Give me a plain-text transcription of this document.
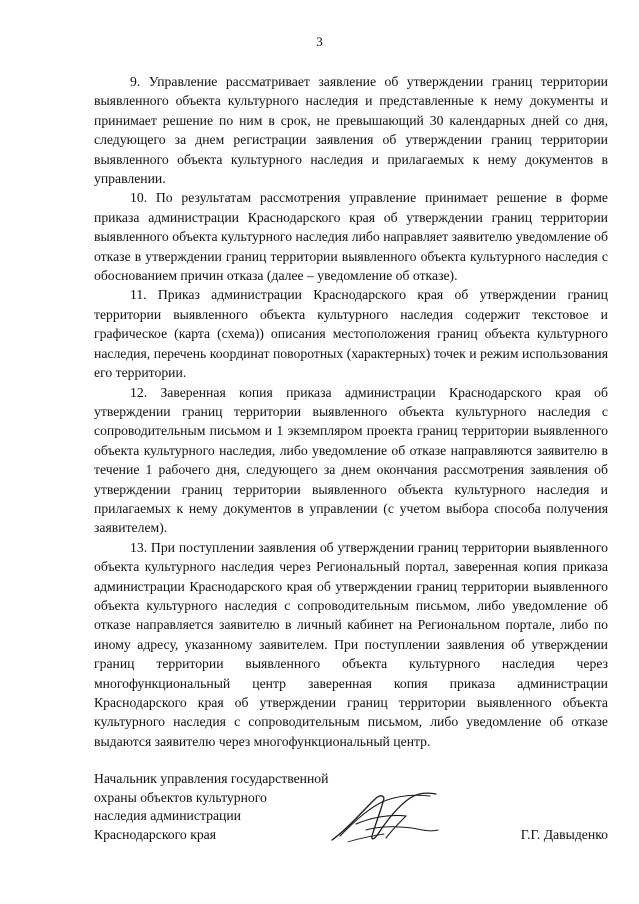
3

9. Управление рассматривает заявление об утверждении границ территории выявленного объекта культурного наследия и представленные к нему документы и принимает решение по ним в срок, не превышающий 30 календарных дней со дня, следующего за днем регистрации заявления об утверждении границ территории выявленного объекта культурного наследия и прилагаемых к нему документов в управлении.

10. По результатам рассмотрения управление принимает решение в форме приказа администрации Краснодарского края об утверждении границ территории выявленного объекта культурного наследия либо направляет заявителю уведомление об отказе в утверждении границ территории выявленного объекта культурного наследия с обоснованием причин отказа (далее – уведомление об отказе).

11. Приказ администрации Краснодарского края об утверждении границ территории выявленного объекта культурного наследия содержит текстовое и графическое (карта (схема)) описания местоположения границ объекта культурного наследия, перечень координат поворотных (характерных) точек и режим использования его территории.

12. Заверенная копия приказа администрации Краснодарского края об утверждении границ территории выявленного объекта культурного наследия с сопроводительным письмом и 1 экземпляром проекта границ территории выявленного объекта культурного наследия, либо уведомление об отказе направляются заявителю в течение 1 рабочего дня, следующего за днем окончания рассмотрения заявления об утверждении границ территории выявленного объекта культурного наследия и прилагаемых к нему документов в управлении (с учетом выбора способа получения заявителем).

13. При поступлении заявления об утверждении границ территории выявленного объекта культурного наследия через Региональный портал, заверенная копия приказа администрации Краснодарского края об утверждении границ территории выявленного объекта культурного наследия с сопроводительным письмом, либо уведомление об отказе направляется заявителю в личный кабинет на Региональном портале, либо по иному адресу, указанному заявителем. При поступлении заявления об утверждении границ территории выявленного объекта культурного наследия через многофункциональный центр заверенная копия приказа администрации Краснодарского края об утверждении границ территории выявленного объекта культурного наследия с сопроводительным письмом, либо уведомление об отказе выдаются заявителю через многофункциональный центр.

Начальник управления государственной
охраны объектов культурного
наследия администрации
Краснодарского края	Г.Г. Давыденко
